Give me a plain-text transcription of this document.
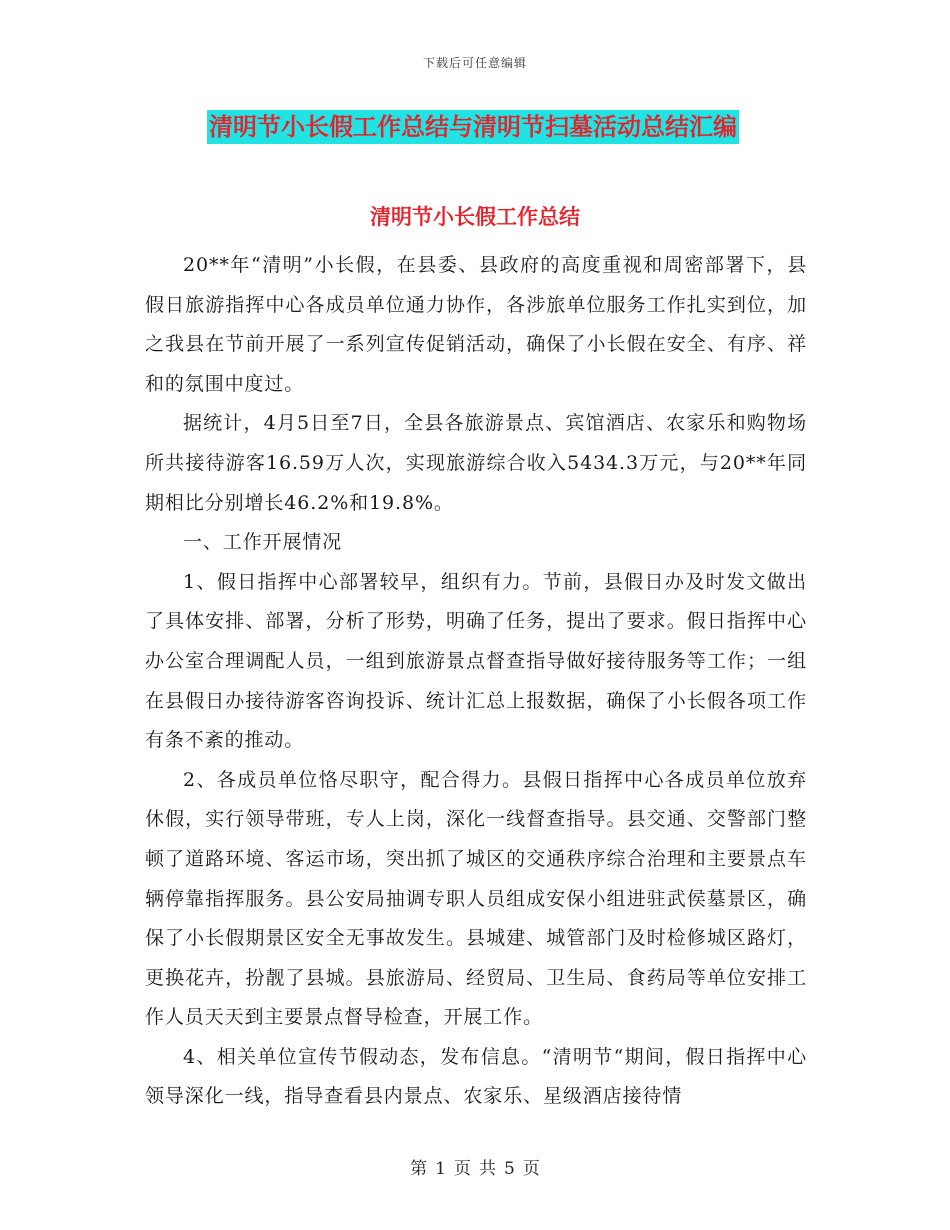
下载后可任意编辑
清明节小长假工作总结与清明节扫墓活动总结汇编
清明节小长假工作总结

20**年“清明”小长假，在县委、县政府的高度重视和周密部署下，县假日旅游指挥中心各成员单位通力协作，各涉旅单位服务工作扎实到位，加之我县在节前开展了一系列宣传促销活动，确保了小长假在安全、有序、祥和的氛围中度过。

据统计，4月5日至7日，全县各旅游景点、宾馆酒店、农家乐和购物场所共接待游客16.59万人次，实现旅游综合收入5434.3万元，与20**年同期相比分别增长46.2%和19.8%。

一、工作开展情况

1、假日指挥中心部署较早，组织有力。节前，县假日办及时发文做出了具体安排、部署，分析了形势，明确了任务，提出了要求。假日指挥中心办公室合理调配人员，一组到旅游景点督查指导做好接待服务等工作；一组在县假日办接待游客咨询投诉、统计汇总上报数据，确保了小长假各项工作有条不紊的推动。

2、各成员单位恪尽职守，配合得力。县假日指挥中心各成员单位放弃休假，实行领导带班，专人上岗，深化一线督查指导。县交通、交警部门整顿了道路环境、客运市场，突出抓了城区的交通秩序综合治理和主要景点车辆停靠指挥服务。县公安局抽调专职人员组成安保小组进驻武侯墓景区，确保了小长假期景区安全无事故发生。县城建、城管部门及时检修城区路灯，更换花卉，扮靓了县城。县旅游局、经贸局、卫生局、食药局等单位安排工作人员天天到主要景点督导检查，开展工作。

4、相关单位宣传节假动态，发布信息。“清明节“期间，假日指挥中心领导深化一线，指导查看县内景点、农家乐、星级酒店接待情

第 1 页 共 5 页
